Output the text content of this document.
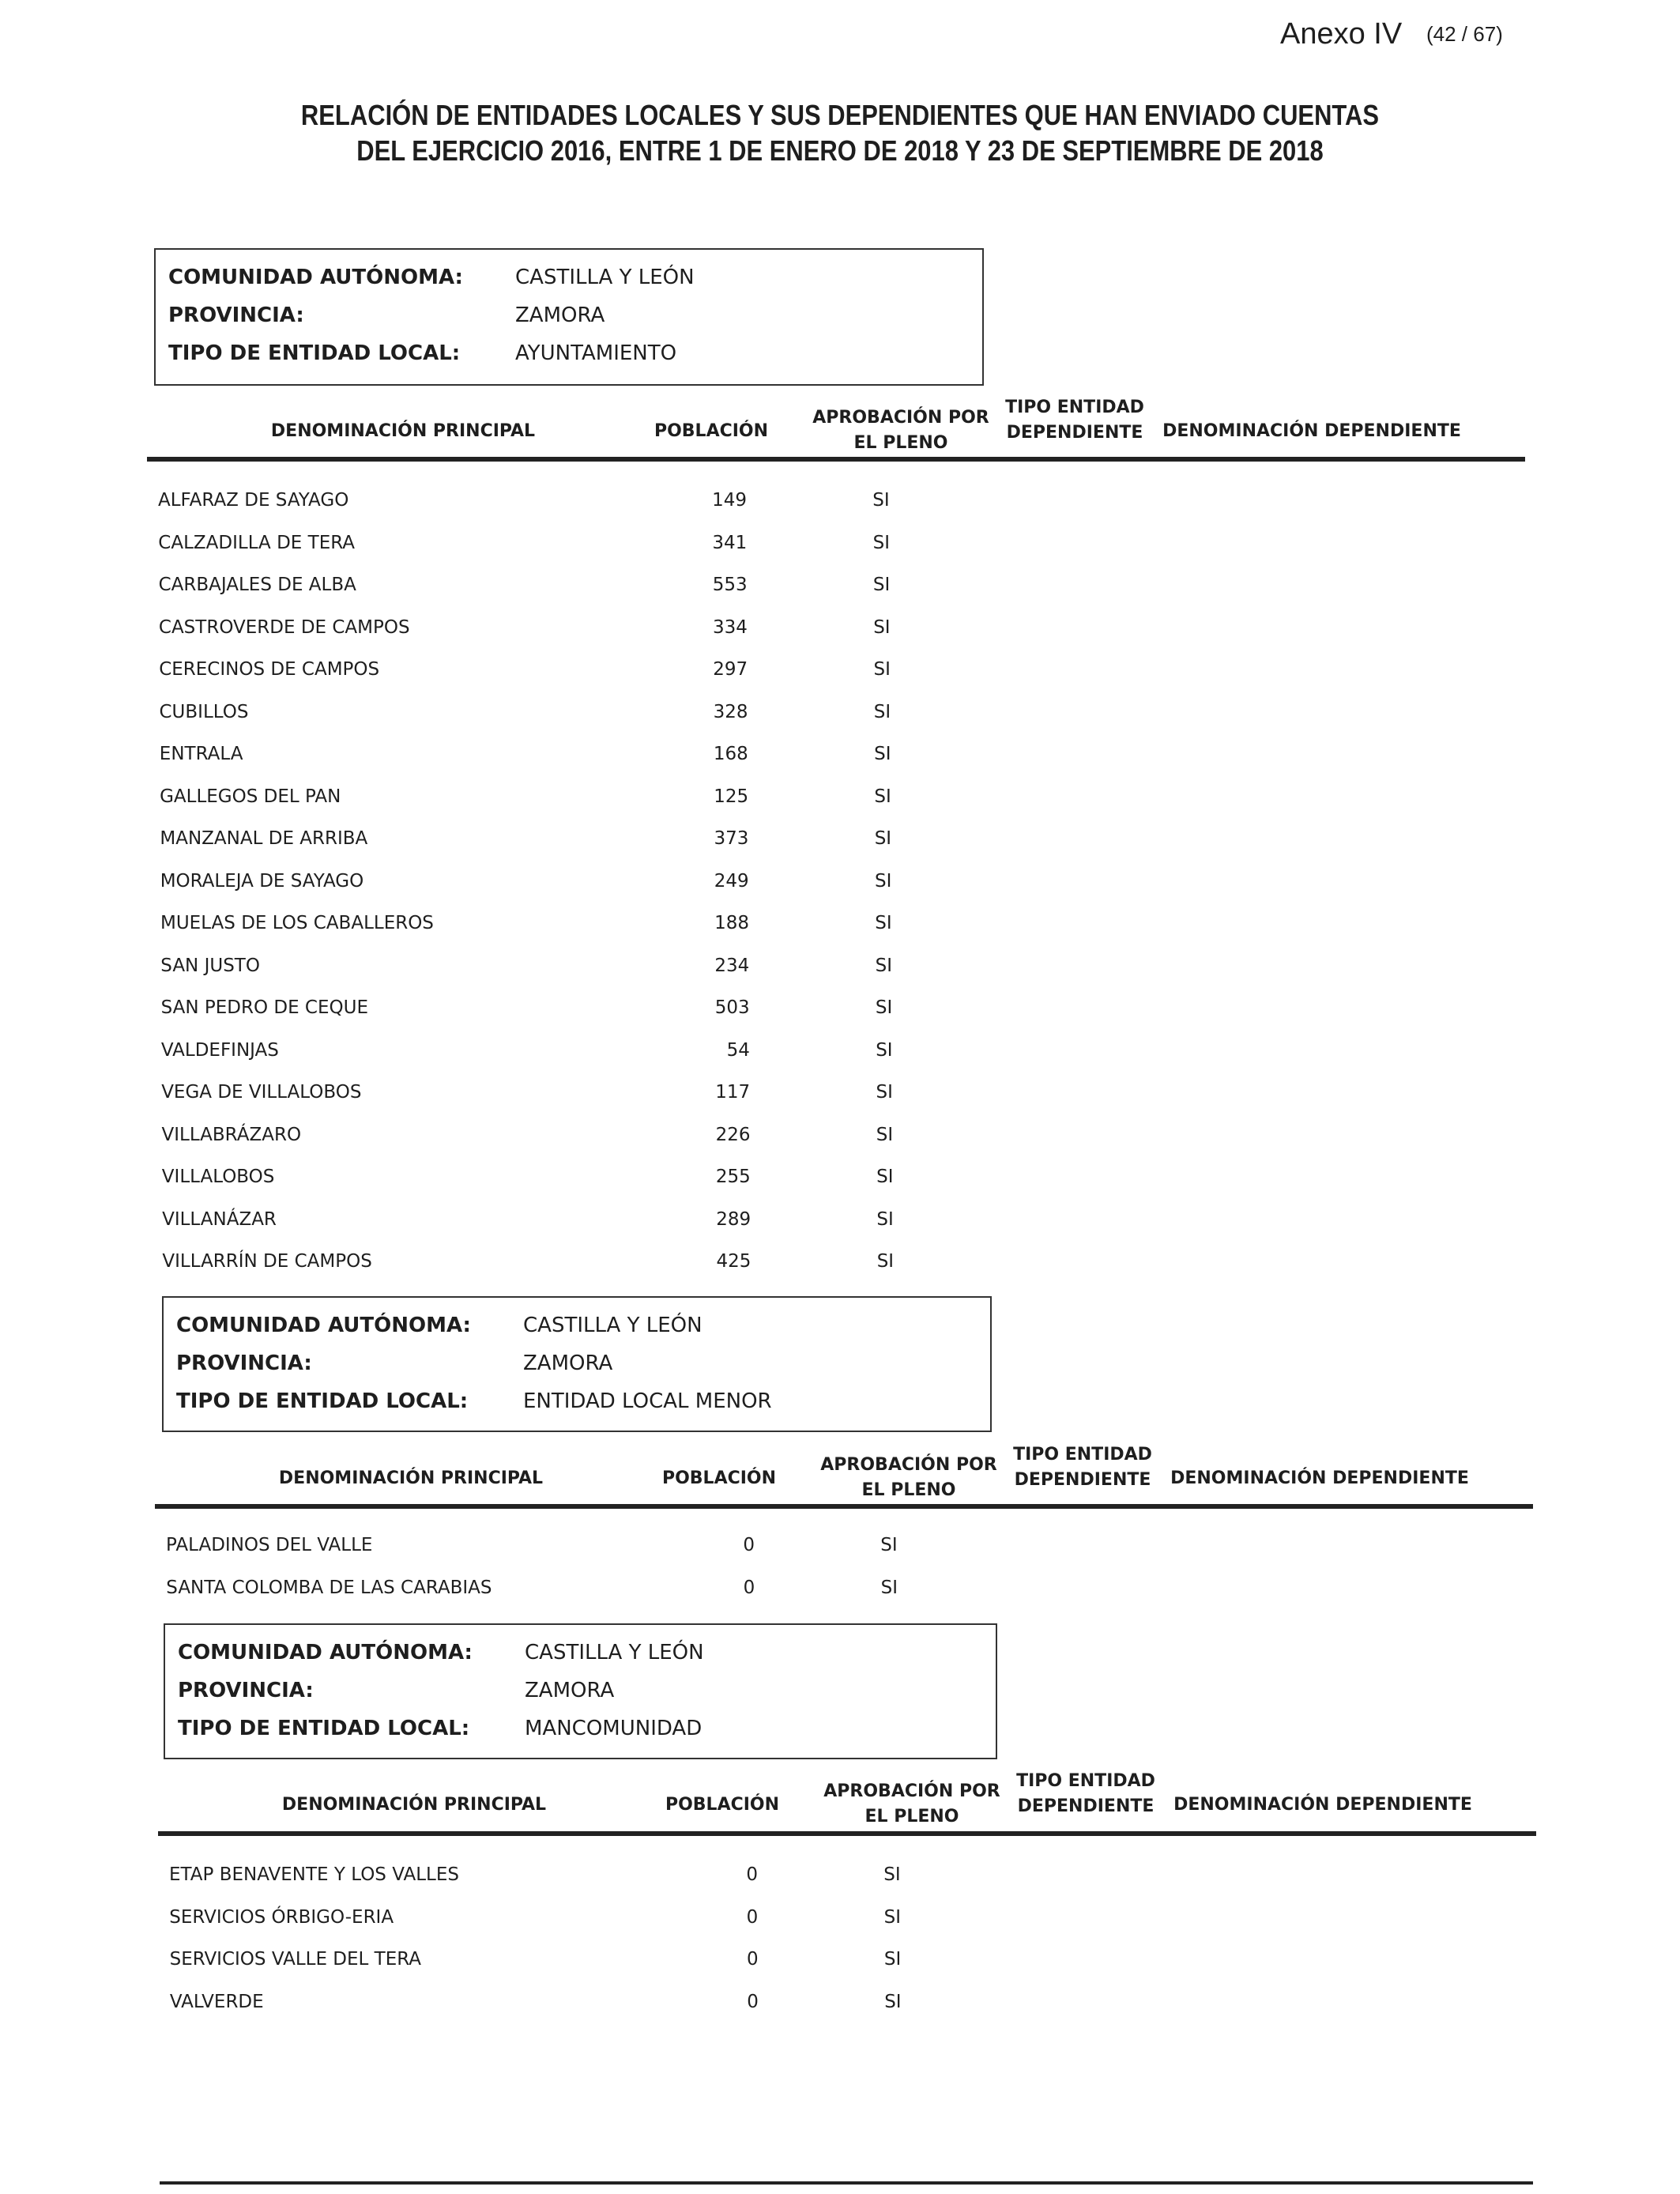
Anexo IV (42 / 67)
RELACIÓN DE ENTIDADES LOCALES Y SUS DEPENDIENTES QUE HAN ENVIADO CUENTAS
DEL EJERCICIO 2016, ENTRE 1 DE ENERO DE 2018 Y 23 DE SEPTIEMBRE DE 2018
COMUNIDAD AUTÓNOMA:	CASTILLA Y LEÓN
PROVINCIA:	ZAMORA
TIPO DE ENTIDAD LOCAL:	AYUNTAMIENTO
DENOMINACIÓN PRINCIPAL	POBLACIÓN
APROBACIÓN POR
EL PLENO
TIPO ENTIDAD
DEPENDIENTE	DENOMINACIÓN DEPENDIENTE
ALFARAZ DE SAYAGO	149	SI
CALZADILLA DE TERA	341	SI
CARBAJALES DE ALBA	553	SI
CASTROVERDE DE CAMPOS	334	SI
CERECINOS DE CAMPOS	297	SI
CUBILLOS	328	SI
ENTRALA	168	SI
GALLEGOS DEL PAN	125	SI
MANZANAL DE ARRIBA	373	SI
MORALEJA DE SAYAGO	249	SI
MUELAS DE LOS CABALLEROS	188	SI
SAN JUSTO	234	SI
SAN PEDRO DE CEQUE	503	SI
VALDEFINJAS	54	SI
VEGA DE VILLALOBOS	117	SI
VILLABRÁZARO	226	SI
VILLALOBOS	255	SI
VILLANÁZAR	289	SI
VILLARRÍN DE CAMPOS	425	SI
COMUNIDAD AUTÓNOMA:	CASTILLA Y LEÓN
PROVINCIA:	ZAMORA
TIPO DE ENTIDAD LOCAL:	ENTIDAD LOCAL MENOR
DENOMINACIÓN PRINCIPAL	POBLACIÓN
APROBACIÓN POR
EL PLENO
TIPO ENTIDAD
DEPENDIENTE	DENOMINACIÓN DEPENDIENTE
PALADINOS DEL VALLE	0	SI
SANTA COLOMBA DE LAS CARABIAS	0	SI
COMUNIDAD AUTÓNOMA:	CASTILLA Y LEÓN
PROVINCIA:	ZAMORA
TIPO DE ENTIDAD LOCAL:	MANCOMUNIDAD
DENOMINACIÓN PRINCIPAL	POBLACIÓN
APROBACIÓN POR
EL PLENO
TIPO ENTIDAD
DEPENDIENTE	DENOMINACIÓN DEPENDIENTE
ETAP BENAVENTE Y LOS VALLES	0	SI
SERVICIOS ÓRBIGO-ERIA	0	SI
SERVICIOS VALLE DEL TERA	0	SI
VALVERDE	0	SI
